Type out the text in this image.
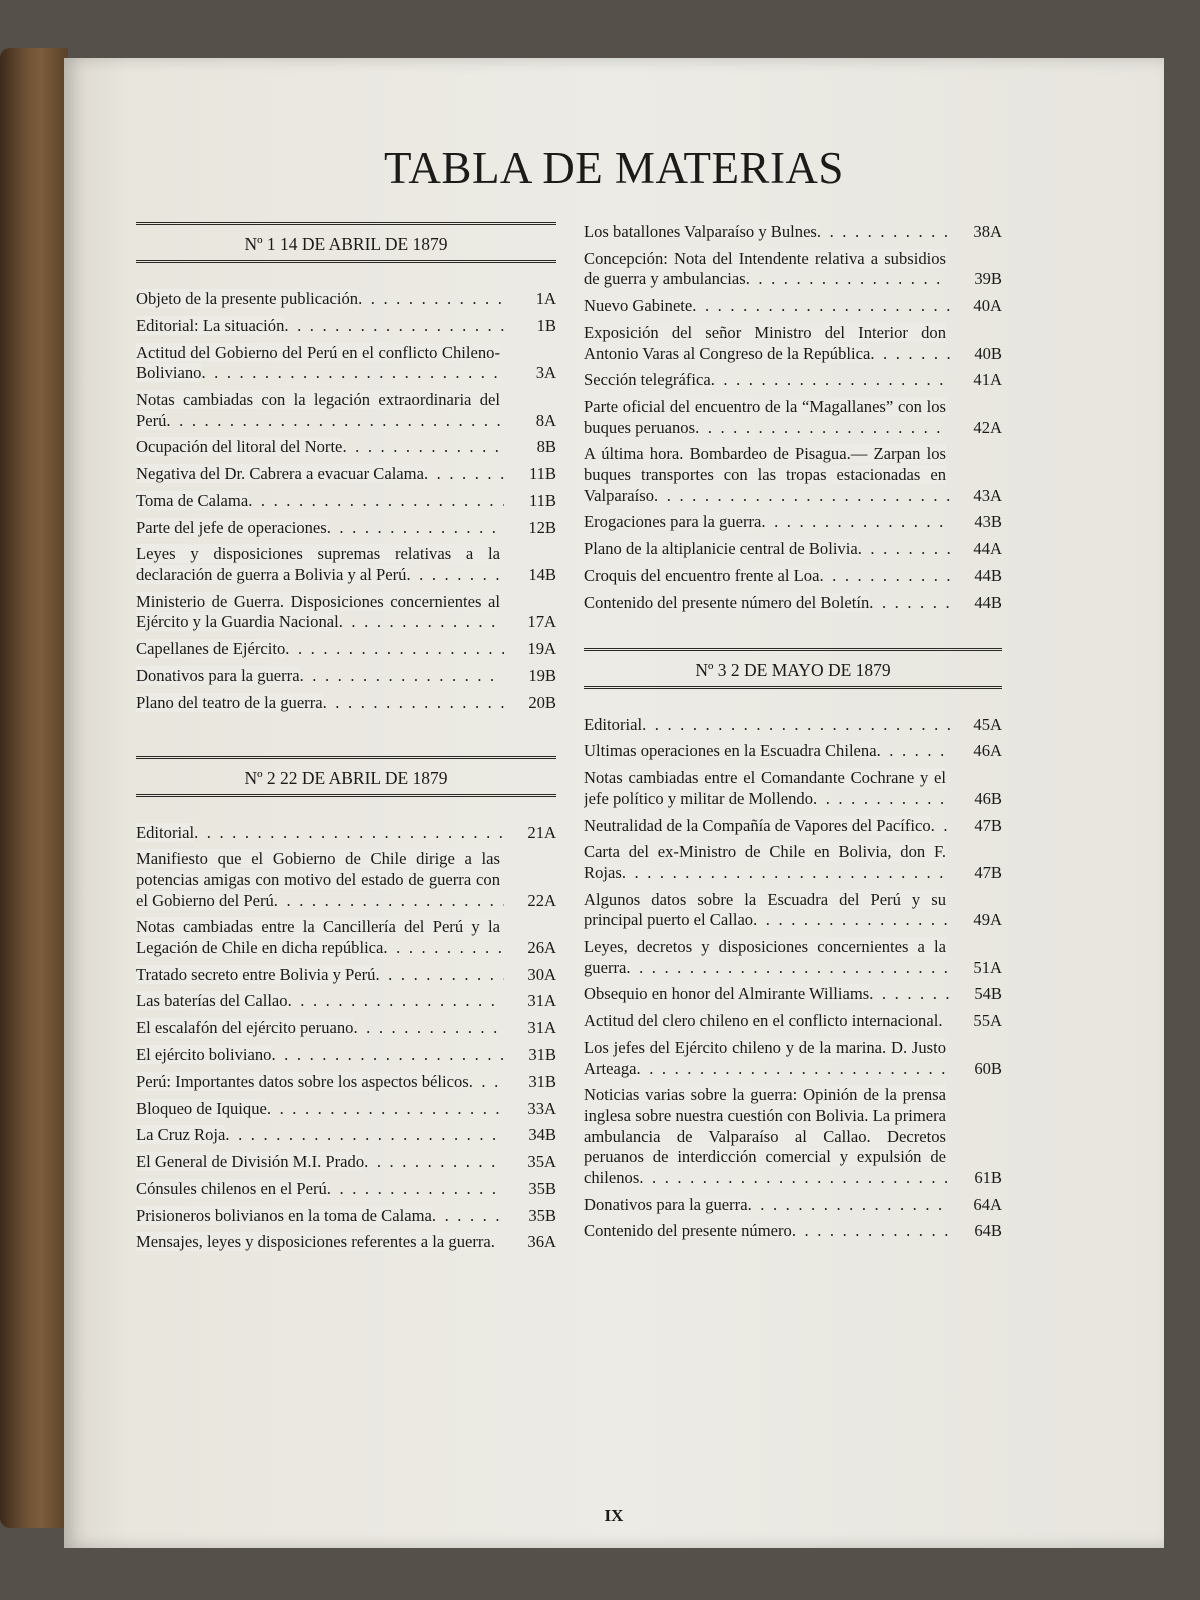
TABLA DE MATERIAS
Nº 1 14 DE ABRIL DE 1879
Objeto de la presente publicación . . .	1A
Editorial: La situación . . .	1B
Actitud del Gobierno del Perú en el conflicto Chileno-Boliviano . . .	3A
Notas cambiadas con la legación extraordinaria del Perú . . .	8A
Ocupación del litoral del Norte . . .	8B
Negativa del Dr. Cabrera a evacuar Calama . . .	11B
Toma de Calama . . .	11B
Parte del jefe de operaciones . . .	12B
Leyes y disposiciones supremas relativas a la declaración de guerra a Bolivia y al Perú . . .	14B
Ministerio de Guerra. Disposiciones concernientes al Ejército y la Guardia Nacional . . .	17A
Capellanes de Ejército . . .	19A
Donativos para la guerra . . .	19B
Plano del teatro de la guerra . . .	20B
Nº 2 22 DE ABRIL DE 1879
Editorial . . .	21A
Manifiesto que el Gobierno de Chile dirige a las potencias amigas con motivo del estado de guerra con el Gobierno del Perú . . .	22A
Notas cambiadas entre la Cancillería del Perú y la Legación de Chile en dicha república . . .	26A
Tratado secreto entre Bolivia y Perú . . .	30A
Las baterías del Callao . . .	31A
El escalafón del ejército peruano . . .	31A
El ejército boliviano . . .	31B
Perú: Importantes datos sobre los aspectos bélicos . . .	31B
Bloqueo de Iquique . . .	33A
La Cruz Roja . . .	34B
El General de División M.I. Prado . . .	35A
Cónsules chilenos en el Perú . . .	35B
Prisioneros bolivianos en la toma de Calama . . .	35B
Mensajes, leyes y disposiciones referentes a la guerra . . .	36A
Los batallones Valparaíso y Bulnes . . .	38A
Concepción: Nota del Intendente relativa a subsidios de guerra y ambulancias . . .	39B
Nuevo Gabinete . . .	40A
Exposición del señor Ministro del Interior don Antonio Varas al Congreso de la República . . .	40B
Sección telegráfica . . .	41A
Parte oficial del encuentro de la “Magallanes” con los buques peruanos . . .	42A
A última hora. Bombardeo de Pisagua.— Zarpan los buques transportes con las tropas estacionadas en Valparaíso . . .	43A
Erogaciones para la guerra . . .	43B
Plano de la altiplanicie central de Bolivia . . .	44A
Croquis del encuentro frente al Loa . . .	44B
Contenido del presente número del Boletín . . .	44B
Nº 3 2 DE MAYO DE 1879
Editorial . . .	45A
Ultimas operaciones en la Escuadra Chilena . . .	46A
Notas cambiadas entre el Comandante Cochrane y el jefe político y militar de Mollendo . . .	46B
Neutralidad de la Compañía de Vapores del Pacífico . . .	47B
Carta del ex-Ministro de Chile en Bolivia, don F. Rojas . . .	47B
Algunos datos sobre la Escuadra del Perú y su principal puerto el Callao . . .	49A
Leyes, decretos y disposiciones concernientes a la guerra . . .	51A
Obsequio en honor del Almirante Williams . . .	54B
Actitud del clero chileno en el conflicto internacional . . .	55A
Los jefes del Ejército chileno y de la marina. D. Justo Arteaga . . .	60B
Noticias varias sobre la guerra: Opinión de la prensa inglesa sobre nuestra cuestión con Bolivia. La primera ambulancia de Valparaíso al Callao. Decretos peruanos de interdicción comercial y expulsión de chilenos . . .	61B
Donativos para la guerra . . .	64A
Contenido del presente número . . .	64B
IX
